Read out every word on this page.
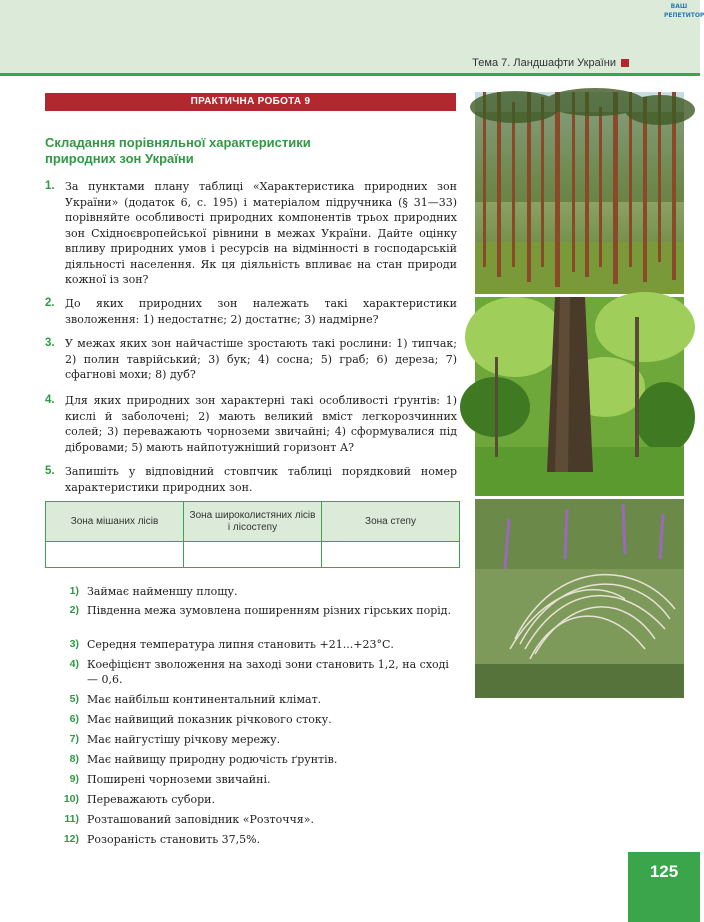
ВАШ РЕПЕТИТОР
Тема 7. Ландшафти України
ПРАКТИЧНА РОБОТА 9
Складання порівняльної характеристики природних зон України
1. За пунктами плану таблиці «Характеристика природних зон України» (додаток 6, с. 195) і матеріалом підручника (§ 31—33) порівняйте особливості природних компонентів трьох природних зон Східноєвропейської рівнини в межах України. Дайте оцінку впливу природних умов і ресурсів на відмінності в господарській діяльності населення. Як ця діяльність впливає на стан природи кожної із зон?
2. До яких природних зон належать такі характеристики зволоження: 1) недостатнє; 2) достатнє; 3) надмірне?
3. У межах яких зон найчастіше зростають такі рослини: 1) типчак; 2) полин таврійський; 3) бук; 4) сосна; 5) граб; 6) дереза; 7) сфагнові мохи; 8) дуб?
4. Для яких природних зон характерні такі особливості ґрунтів: 1) кислі й заболочені; 2) мають великий вміст легкорозчинних солей; 3) переважають чорноземи звичайні; 4) сформувалися під дібровами; 5) мають найпотужніший горизонт А?
5. Запишіть у відповідний стовпчик таблиці порядковий номер характеристики природних зон.
Зона мішаних лісів	Зона широколистяних лісів і лісостепу	Зона степу

1) Займає найменшу площу.
2) Південна межа зумовлена поширенням різних гірських порід.
3) Середня температура липня становить +21...+23°С.
4) Коефіцієнт зволоження на заході зони становить 1,2, на сході — 0,6.
5) Має найбільш континентальний клімат.
6) Має найвищий показник річкового стоку.
7) Має найгустішу річкову мережу.
8) Має найвищу природну родючість ґрунтів.
9) Поширені чорноземи звичайні.
10) Переважають субори.
11) Розташований заповідник «Розточчя».
12) Розораність становить 37,5%.
125
